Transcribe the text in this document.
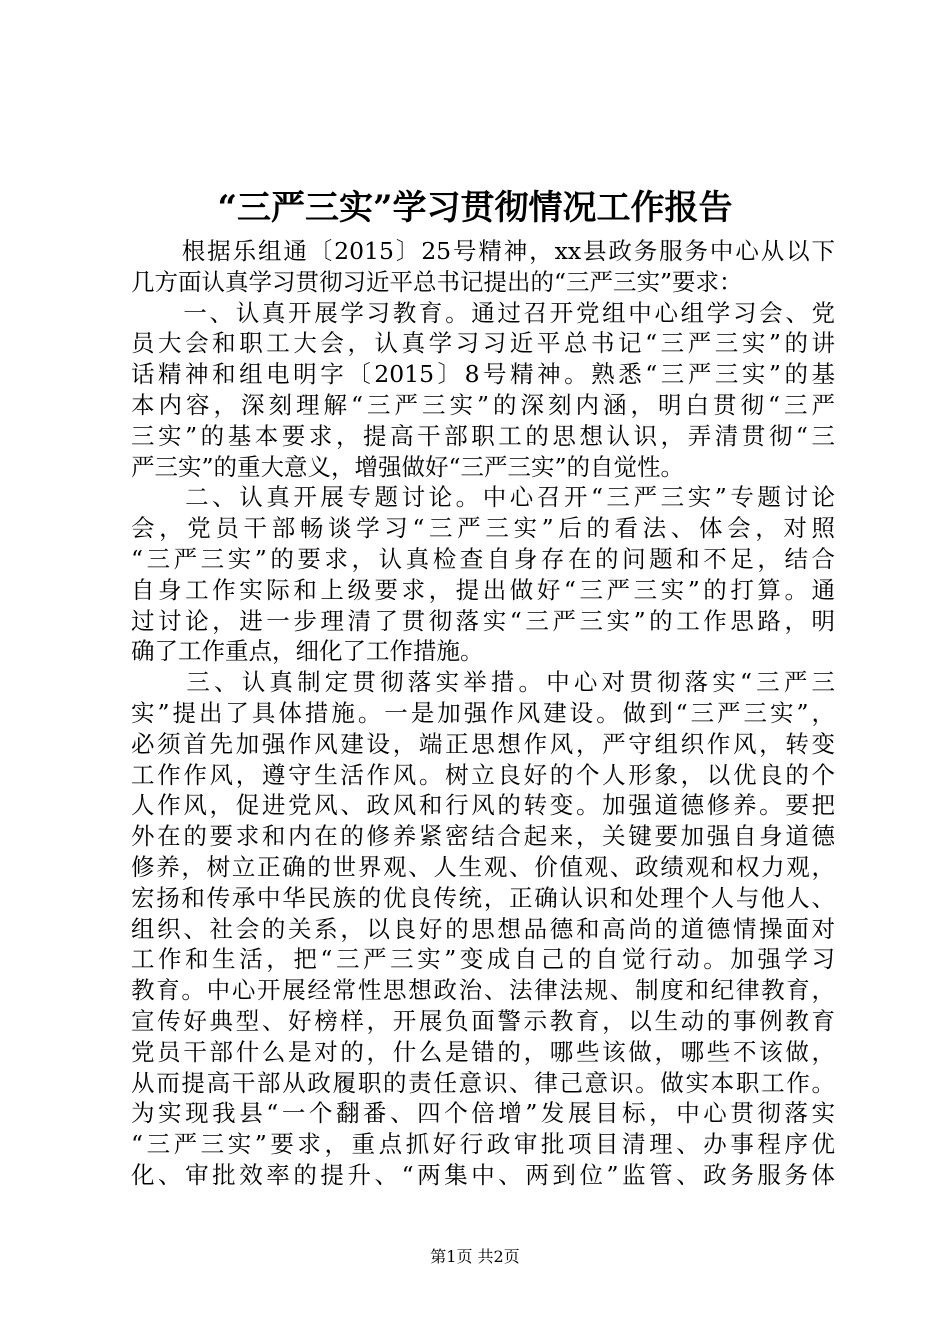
“三严三实”学习贯彻情况工作报告
　　根据乐组通〔2015〕25号精神，xx县政务服务中心从以下
几方面认真学习贯彻习近平总书记提出的“三严三实”要求：
　　一、认真开展学习教育。通过召开党组中心组学习会、党
员大会和职工大会，认真学习习近平总书记“三严三实”的讲
话精神和组电明字〔2015〕8号精神。熟悉“三严三实”的基
本内容，深刻理解“三严三实”的深刻内涵，明白贯彻“三严
三实”的基本要求，提高干部职工的思想认识，弄清贯彻“三
严三实”的重大意义，增强做好“三严三实”的自觉性。
　　二、认真开展专题讨论。中心召开“三严三实”专题讨论
会，党员干部畅谈学习“三严三实”后的看法、体会，对照
“三严三实”的要求，认真检查自身存在的问题和不足，结合
自身工作实际和上级要求，提出做好“三严三实”的打算。通
过讨论，进一步理清了贯彻落实“三严三实”的工作思路，明
确了工作重点，细化了工作措施。
　　三、认真制定贯彻落实举措。中心对贯彻落实“三严三
实”提出了具体措施。一是加强作风建设。做到“三严三实”，
必须首先加强作风建设，端正思想作风，严守组织作风，转变
工作作风，遵守生活作风。树立良好的个人形象，以优良的个
人作风，促进党风、政风和行风的转变。加强道德修养。要把
外在的要求和内在的修养紧密结合起来，关键要加强自身道德
修养，树立正确的世界观、人生观、价值观、政绩观和权力观，
宏扬和传承中华民族的优良传统，正确认识和处理个人与他人、
组织、社会的关系，以良好的思想品德和高尚的道德情操面对
工作和生活，把“三严三实”变成自己的自觉行动。加强学习
教育。中心开展经常性思想政治、法律法规、制度和纪律教育，
宣传好典型、好榜样，开展负面警示教育，以生动的事例教育
党员干部什么是对的，什么是错的，哪些该做，哪些不该做，
从而提高干部从政履职的责任意识、律己意识。做实本职工作。
为实现我县“一个翻番、四个倍增”发展目标，中心贯彻落实
“三严三实”要求，重点抓好行政审批项目清理、办事程序优
化、审批效率的提升、“两集中、两到位”监管、政务服务体
第1页 共2页
